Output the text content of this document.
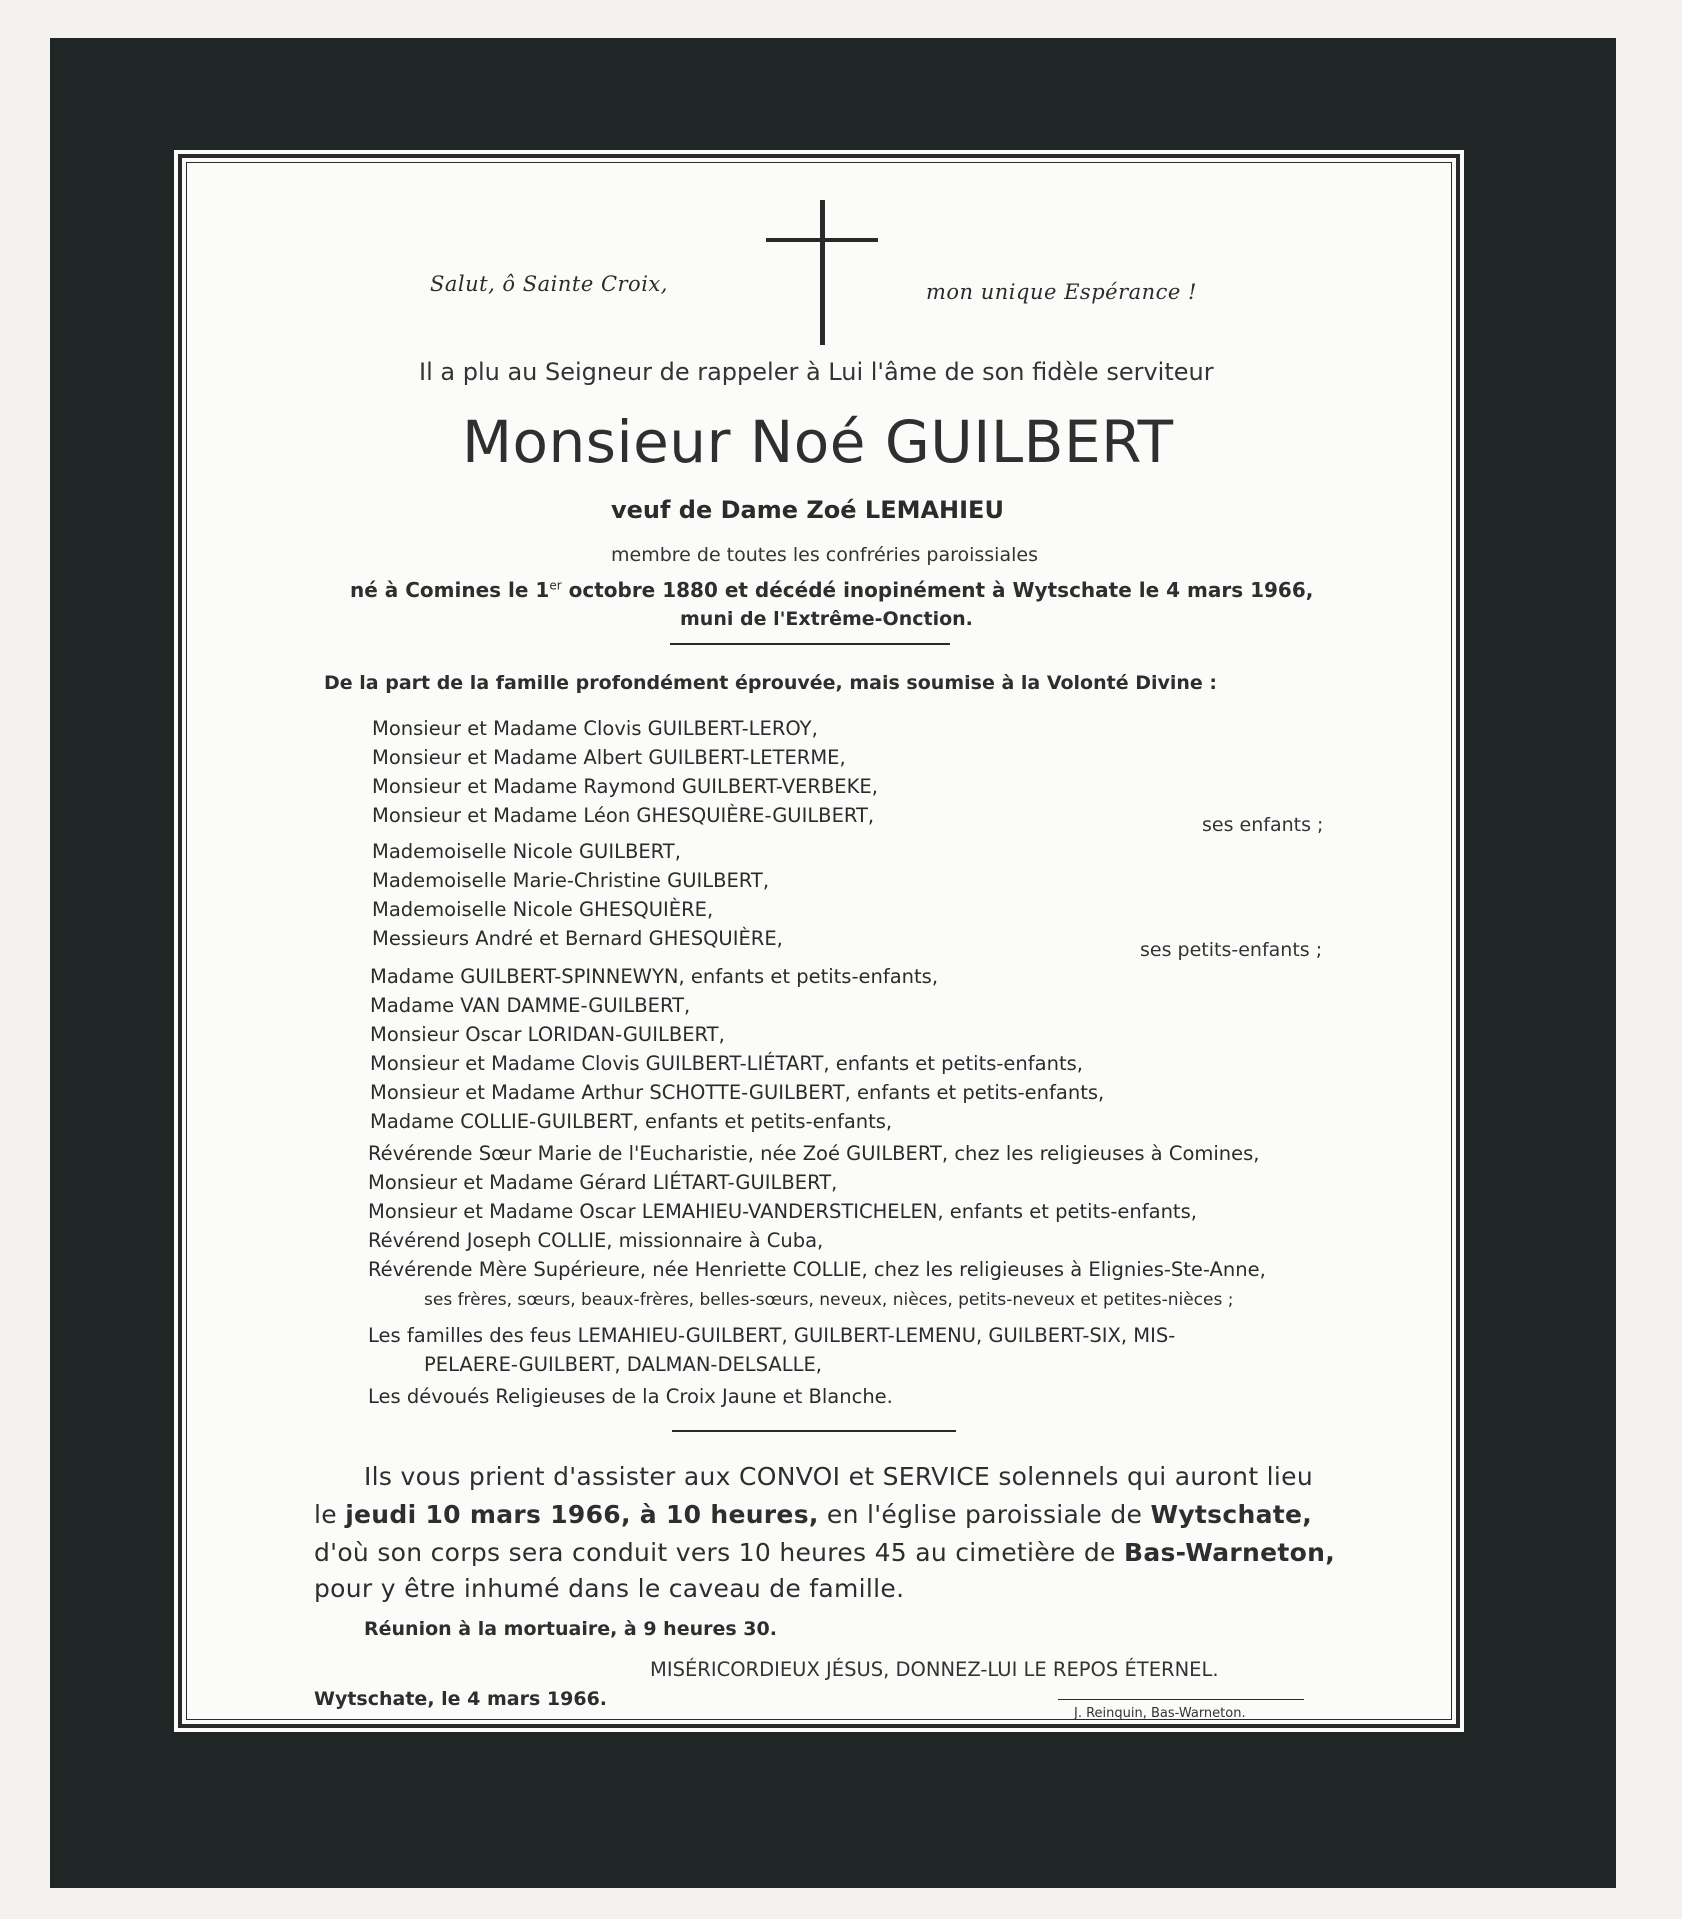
Salut, ô Sainte Croix,	mon unique Espérance !
Il a plu au Seigneur de rappeler à Lui l'âme de son fidèle serviteur
Monsieur Noé GUILBERT
veuf de Dame Zoé LEMAHIEU
membre de toutes les confréries paroissiales
né à Comines le 1er octobre 1880 et décédé inopinément à Wytschate le 4 mars 1966,
muni de l'Extrême-Onction.
De la part de la famille profondément éprouvée, mais soumise à la Volonté Divine :
Monsieur et Madame Clovis GUILBERT-LEROY,
Monsieur et Madame Albert GUILBERT-LETERME,
Monsieur et Madame Raymond GUILBERT-VERBEKE,
Monsieur et Madame Léon GHESQUIÈRE-GUILBERT,	ses enfants ;
Mademoiselle Nicole GUILBERT,
Mademoiselle Marie-Christine GUILBERT,
Mademoiselle Nicole GHESQUIÈRE,
Messieurs André et Bernard GHESQUIÈRE,	ses petits-enfants ;
Madame GUILBERT-SPINNEWYN, enfants et petits-enfants,
Madame VAN DAMME-GUILBERT,
Monsieur Oscar LORIDAN-GUILBERT,
Monsieur et Madame Clovis GUILBERT-LIÉTART, enfants et petits-enfants,
Monsieur et Madame Arthur SCHOTTE-GUILBERT, enfants et petits-enfants,
Madame COLLIE-GUILBERT, enfants et petits-enfants,
Révérende Sœur Marie de l'Eucharistie, née Zoé GUILBERT, chez les religieuses à Comines,
Monsieur et Madame Gérard LIÉTART-GUILBERT,
Monsieur et Madame Oscar LEMAHIEU-VANDERSTICHELEN, enfants et petits-enfants,
Révérend Joseph COLLIE, missionnaire à Cuba,
Révérende Mère Supérieure, née Henriette COLLIE, chez les religieuses à Elignies-Ste-Anne,
ses frères, sœurs, beaux-frères, belles-sœurs, neveux, nièces, petits-neveux et petites-nièces ;
Les familles des feus LEMAHIEU-GUILBERT, GUILBERT-LEMENU, GUILBERT-SIX, MIS-
PELAERE-GUILBERT, DALMAN-DELSALLE,
Les dévoués Religieuses de la Croix Jaune et Blanche.
Ils vous prient d'assister aux CONVOI et SERVICE solennels qui auront lieu
le jeudi 10 mars 1966, à 10 heures, en l'église paroissiale de Wytschate,
d'où son corps sera conduit vers 10 heures 45 au cimetière de Bas-Warneton,
pour y être inhumé dans le caveau de famille.
Réunion à la mortuaire, à 9 heures 30.
MISÉRICORDIEUX JÉSUS, DONNEZ-LUI LE REPOS ÉTERNEL.
Wytschate, le 4 mars 1966.
J. Reinquin, Bas-Warneton.
